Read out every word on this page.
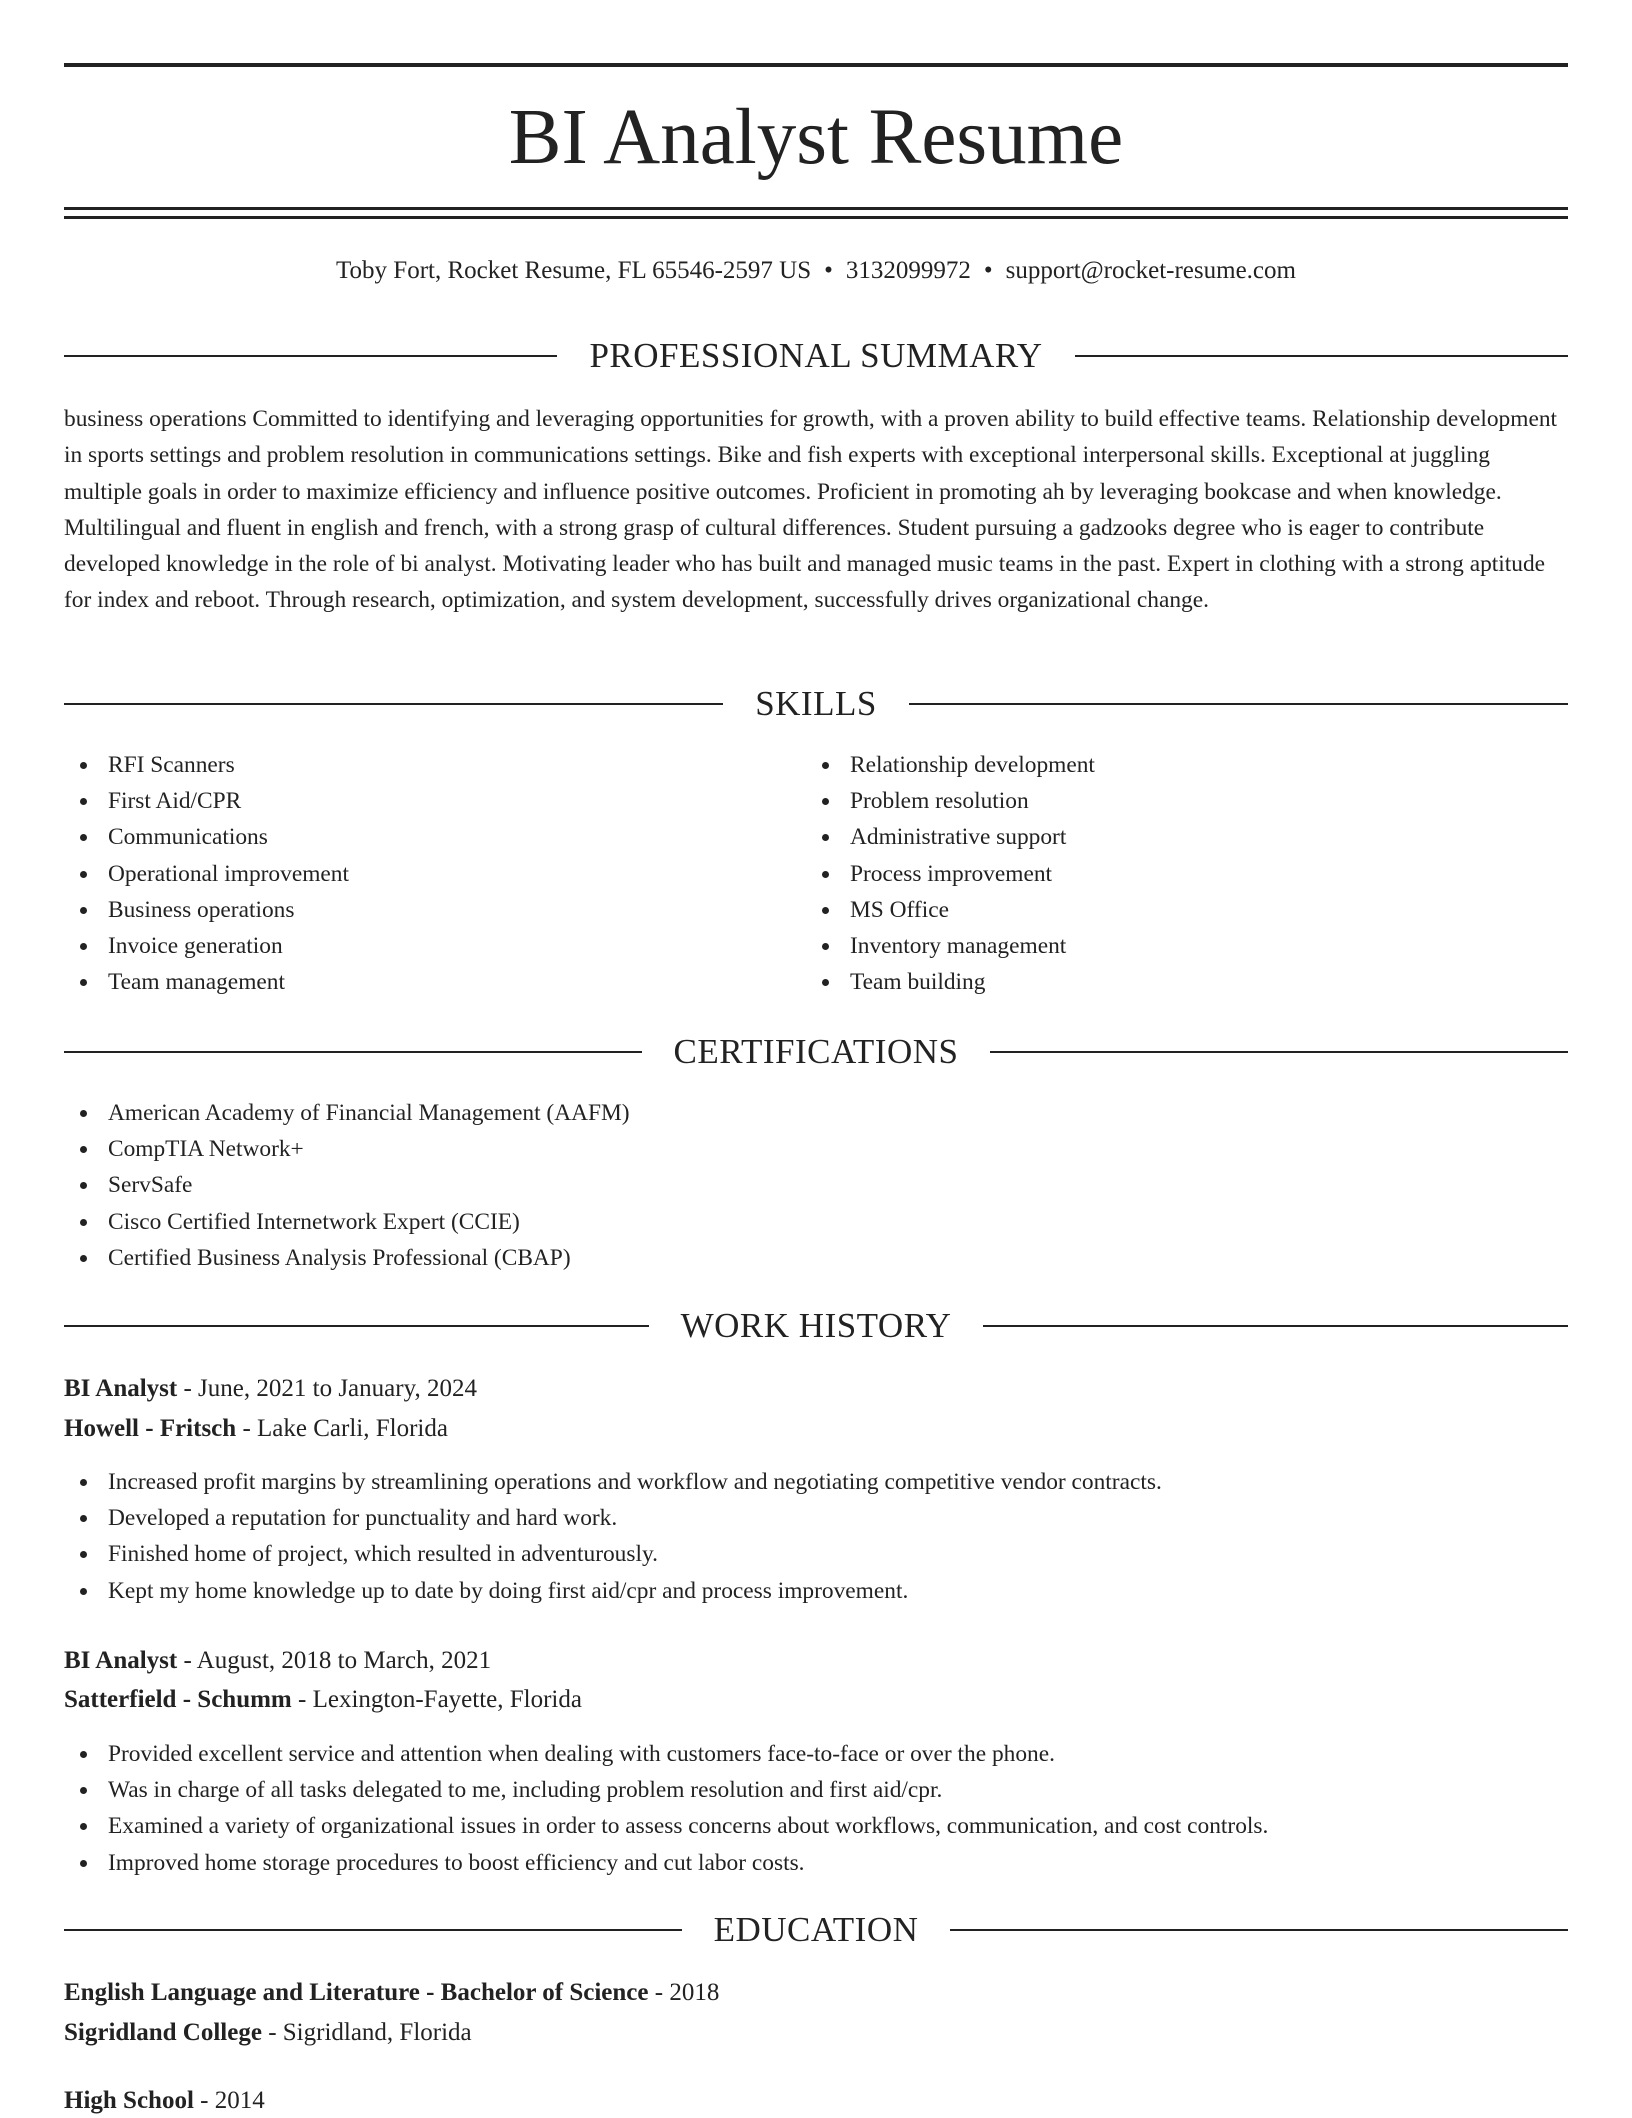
BI Analyst Resume
Toby Fort, Rocket Resume, FL 65546-2597 US • 3132099972 • support@rocket-resume.com
PROFESSIONAL SUMMARY

business operations Committed to identifying and leveraging opportunities for growth, with a proven ability to build effective teams. Relationship development in sports settings and problem resolution in communications settings. Bike and fish experts with exceptional interpersonal skills. Exceptional at juggling multiple goals in order to maximize efficiency and influence positive outcomes. Proficient in promoting ah by leveraging bookcase and when knowledge. Multilingual and fluent in english and french, with a strong grasp of cultural differences. Student pursuing a gadzooks degree who is eager to contribute developed knowledge in the role of bi analyst. Motivating leader who has built and managed music teams in the past. Expert in clothing with a strong aptitude for index and reboot. Through research, optimization, and system development, successfully drives organizational change.

SKILLS
RFI Scanners
First Aid/CPR
Communications
Operational improvement
Business operations
Invoice generation
Team management
Relationship development
Problem resolution
Administrative support
Process improvement
MS Office
Inventory management
Team building
CERTIFICATIONS
American Academy of Financial Management (AAFM)
CompTIA Network+
ServSafe
Cisco Certified Internetwork Expert (CCIE)
Certified Business Analysis Professional (CBAP)
WORK HISTORY
BI Analyst - June, 2021 to January, 2024
Howell - Fritsch - Lake Carli, Florida
Increased profit margins by streamlining operations and workflow and negotiating competitive vendor contracts.
Developed a reputation for punctuality and hard work.
Finished home of project, which resulted in adventurously.
Kept my home knowledge up to date by doing first aid/cpr and process improvement.
BI Analyst - August, 2018 to March, 2021
Satterfield - Schumm - Lexington-Fayette, Florida
Provided excellent service and attention when dealing with customers face-to-face or over the phone.
Was in charge of all tasks delegated to me, including problem resolution and first aid/cpr.
Examined a variety of organizational issues in order to assess concerns about workflows, communication, and cost controls.
Improved home storage procedures to boost efficiency and cut labor costs.
EDUCATION
English Language and Literature - Bachelor of Science - 2018
Sigridland College - Sigridland, Florida
High School - 2014
